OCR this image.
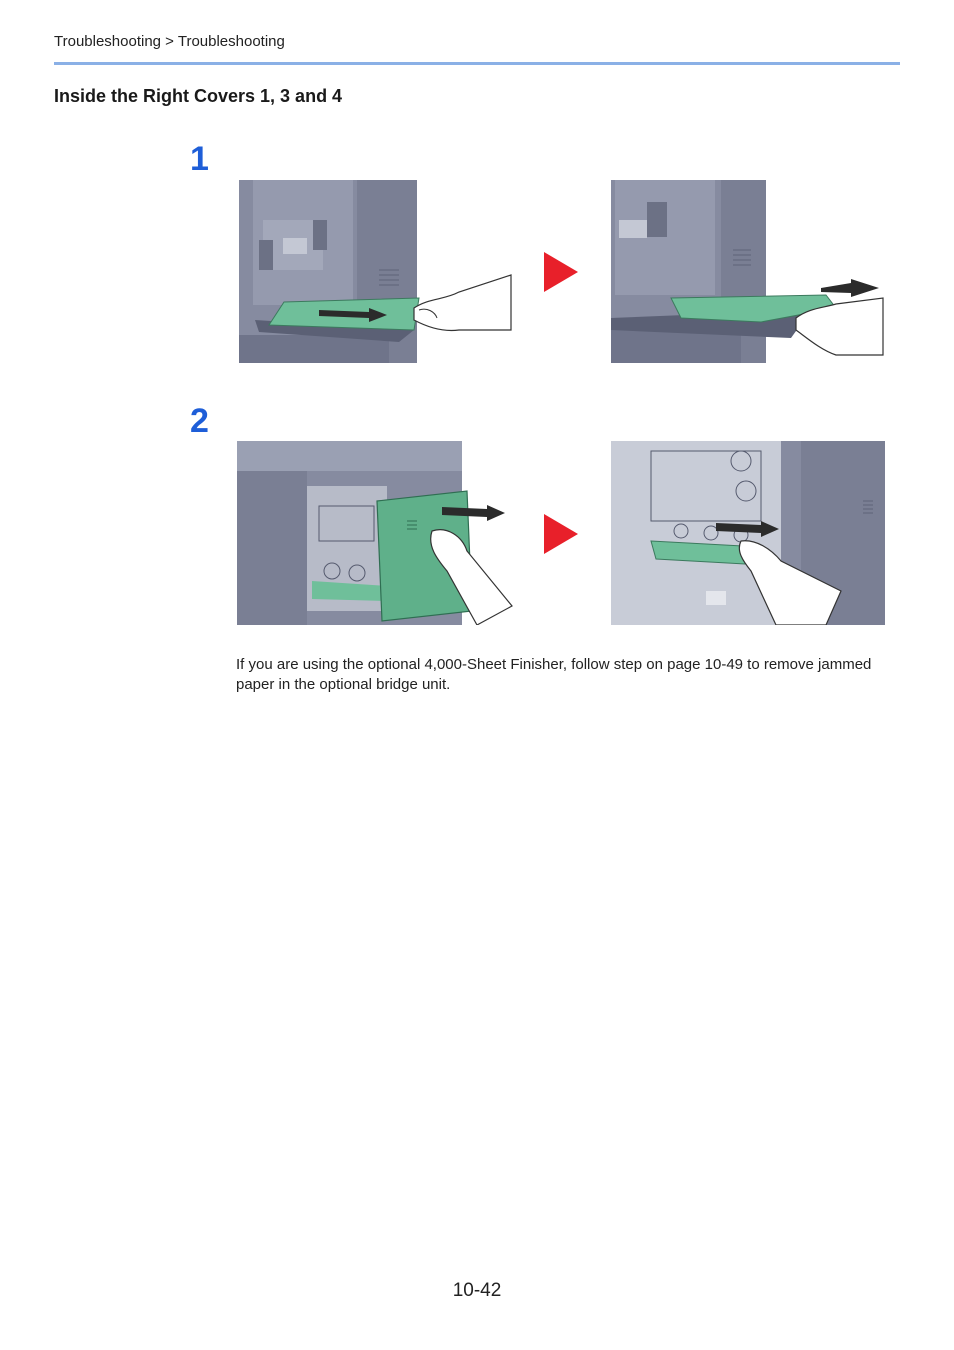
Troubleshooting > Troubleshooting
Inside the Right Covers 1, 3 and 4
1
2
If you are using the optional 4,000-Sheet Finisher, follow step on page 10-49 to remove jammed paper in the optional bridge unit.
10-42
